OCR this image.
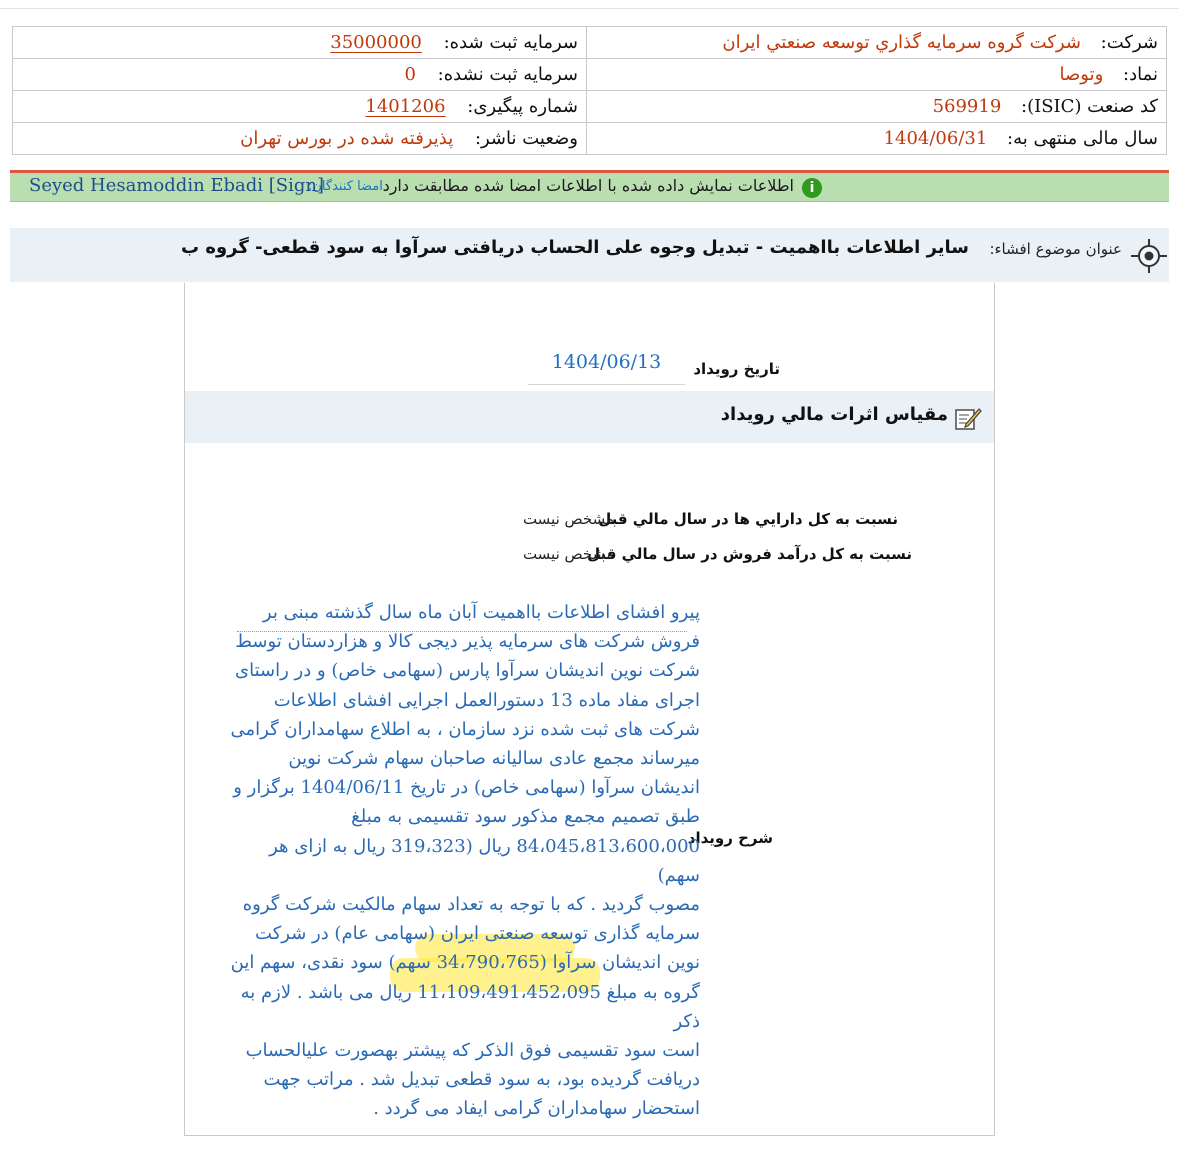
شرکت: شرکت گروه سرمايه گذاري توسعه صنعتي ايران	سرمایه ثبت شده: 35000000
نماد: وتوصا	سرمایه ثبت نشده: 0
کد صنعت (ISIC): 569919	شماره پیگیری: 1401206
سال مالی منتهی به: 1404/06/31	وضعیت ناشر: پذيرفته شده در بورس تهران
i
اطلاعات نمایش داده شده با اطلاعات امضا شده مطابقت دارد
امضا کنندگان:
Seyed Hesamoddin Ebadi [Sign]
عنوان موضوع افشاء:
سایر اطلاعات بااهمیت - تبدیل وجوه علی الحساب دریافتی سرآوا به سود قطعی- گروه ب
تاريخ رويداد
1404/06/13
مقياس اثرات مالي رويداد
نسبت به کل دارايي ها در سال مالي قبل
مشخص نيست
نسبت به کل درآمد فروش در سال مالي قبل
مشخص نيست
شرح رويداد
پیرو افشای اطلاعات بااهمیت آبان ماه سال گذشته مبنی بر
فروش شرکت های سرمایه پذیر دیجی کالا و هزاردستان توسط
شرکت نوین اندیشان سرآوا پارس (سهامی خاص) و در راستای
اجرای مفاد ماده 13 دستورالعمل اجرایی افشای اطلاعات
شرکت های ثبت شده نزد سازمان ، به اطلاع سهامداران گرامی
میرساند مجمع عادی سالیانه صاحبان سهام شرکت نوین
اندیشان سرآوا (سهامی خاص) در تاریخ 1404/06/11 برگزار و
طبق تصمیم مجمع مذکور سود تقسیمی به مبلغ
84،045،813،600،000 ریال (319،323 ریال به ازای هر سهم)
مصوب گردید . که با توجه به تعداد سهام مالکیت شرکت گروه
سرمایه گذاری توسعه صنعتی ایران (سهامی عام) در شرکت
نوین اندیشان سرآوا (34،790،765 سهم) سود نقدی، سهم این
گروه به مبلغ 11،109،491،452،095 ریال می باشد . لازم به ذکر
است سود تقسیمی فوق الذکر که پیشتر بهصورت علیالحساب
دریافت گردیده بود، به سود قطعی تبدیل شد . مراتب جهت
استحضار سهامداران گرامی ایفاد می گردد .
